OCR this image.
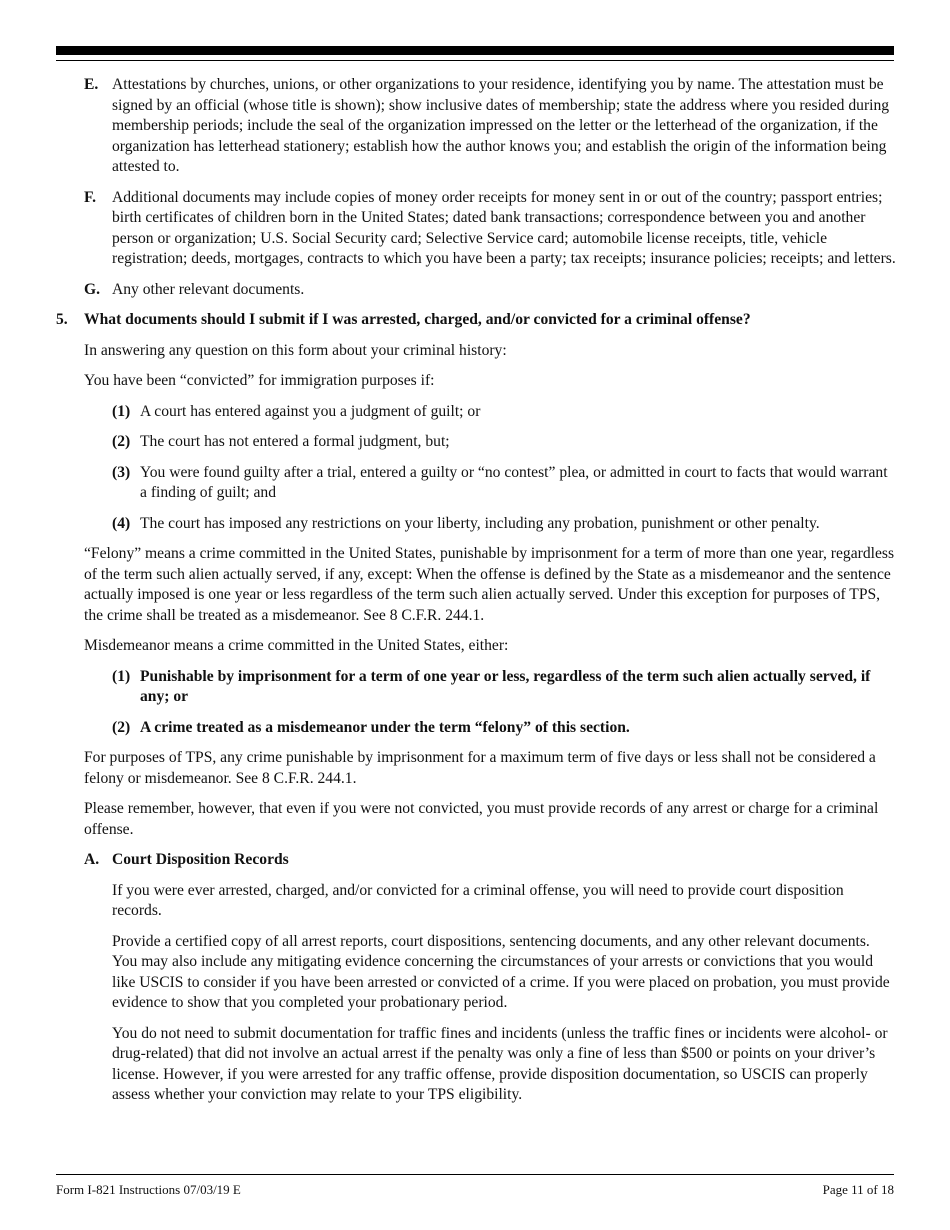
E. Attestations by churches, unions, or other organizations to your residence, identifying you by name. The attestation must be signed by an official (whose title is shown); show inclusive dates of membership; state the address where you resided during membership periods; include the seal of the organization impressed on the letter or the letterhead of the organization, if the organization has letterhead stationery; establish how the author knows you; and establish the origin of the information being attested to.
F. Additional documents may include copies of money order receipts for money sent in or out of the country; passport entries; birth certificates of children born in the United States; dated bank transactions; correspondence between you and another person or organization; U.S. Social Security card; Selective Service card; automobile license receipts, title, vehicle registration; deeds, mortgages, contracts to which you have been a party; tax receipts; insurance policies; receipts; and letters.
G. Any other relevant documents.
5. What documents should I submit if I was arrested, charged, and/or convicted for a criminal offense?
In answering any question on this form about your criminal history:
You have been “convicted” for immigration purposes if:
(1) A court has entered against you a judgment of guilt; or
(2) The court has not entered a formal judgment, but;
(3) You were found guilty after a trial, entered a guilty or “no contest” plea, or admitted in court to facts that would warrant a finding of guilt; and
(4) The court has imposed any restrictions on your liberty, including any probation, punishment or other penalty.
“Felony” means a crime committed in the United States, punishable by imprisonment for a term of more than one year, regardless of the term such alien actually served, if any, except: When the offense is defined by the State as a misdemeanor and the sentence actually imposed is one year or less regardless of the term such alien actually served. Under this exception for purposes of TPS, the crime shall be treated as a misdemeanor. See 8 C.F.R. 244.1.
Misdemeanor means a crime committed in the United States, either:
(1) Punishable by imprisonment for a term of one year or less, regardless of the term such alien actually served, if any; or
(2) A crime treated as a misdemeanor under the term “felony” of this section.
For purposes of TPS, any crime punishable by imprisonment for a maximum term of five days or less shall not be considered a felony or misdemeanor. See 8 C.F.R. 244.1.
Please remember, however, that even if you were not convicted, you must provide records of any arrest or charge for a criminal offense.
A. Court Disposition Records
If you were ever arrested, charged, and/or convicted for a criminal offense, you will need to provide court disposition records.
Provide a certified copy of all arrest reports, court dispositions, sentencing documents, and any other relevant documents. You may also include any mitigating evidence concerning the circumstances of your arrests or convictions that you would like USCIS to consider if you have been arrested or convicted of a crime. If you were placed on probation, you must provide evidence to show that you completed your probationary period.
You do not need to submit documentation for traffic fines and incidents (unless the traffic fines or incidents were alcohol- or drug-related) that did not involve an actual arrest if the penalty was only a fine of less than $500 or points on your driver’s license. However, if you were arrested for any traffic offense, provide disposition documentation, so USCIS can properly assess whether your conviction may relate to your TPS eligibility.
Form I-821 Instructions 07/03/19 E	Page 11 of 18
